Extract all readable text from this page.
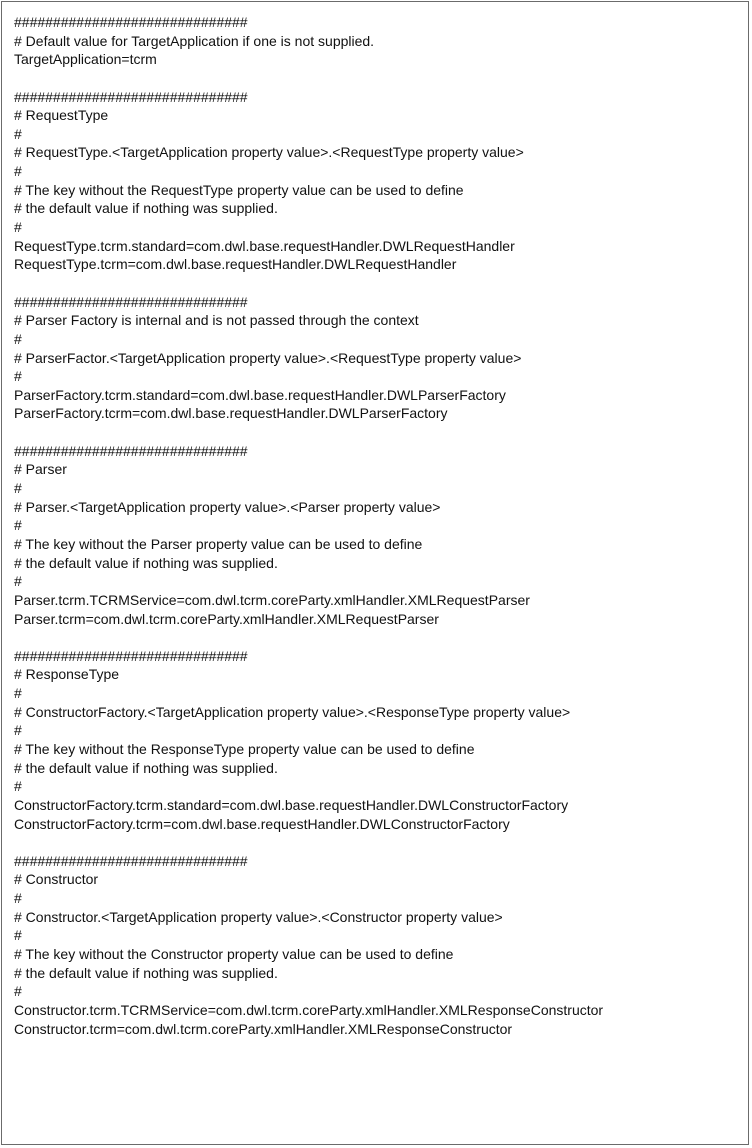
##############################
# Default value for TargetApplication if one is not supplied.
TargetApplication=tcrm
##############################
# RequestType
#
# RequestType.<TargetApplication property value>.<RequestType property value>
#
# The key without the RequestType property value can be used to define
# the default value if nothing was supplied.
#
RequestType.tcrm.standard=com.dwl.base.requestHandler.DWLRequestHandler
RequestType.tcrm=com.dwl.base.requestHandler.DWLRequestHandler
##############################
# Parser Factory is internal and is not passed through the context
#
# ParserFactor.<TargetApplication property value>.<RequestType property value>
#
ParserFactory.tcrm.standard=com.dwl.base.requestHandler.DWLParserFactory
ParserFactory.tcrm=com.dwl.base.requestHandler.DWLParserFactory
##############################
# Parser
#
# Parser.<TargetApplication property value>.<Parser property value>
#
# The key without the Parser property value can be used to define
# the default value if nothing was supplied.
#
Parser.tcrm.TCRMService=com.dwl.tcrm.coreParty.xmlHandler.XMLRequestParser
Parser.tcrm=com.dwl.tcrm.coreParty.xmlHandler.XMLRequestParser
##############################
# ResponseType
#
# ConstructorFactory.<TargetApplication property value>.<ResponseType property value>
#
# The key without the ResponseType property value can be used to define
# the default value if nothing was supplied.
#
ConstructorFactory.tcrm.standard=com.dwl.base.requestHandler.DWLConstructorFactory
ConstructorFactory.tcrm=com.dwl.base.requestHandler.DWLConstructorFactory
##############################
# Constructor
#
# Constructor.<TargetApplication property value>.<Constructor property value>
#
# The key without the Constructor property value can be used to define
# the default value if nothing was supplied.
#
Constructor.tcrm.TCRMService=com.dwl.tcrm.coreParty.xmlHandler.XMLResponseConstructor
Constructor.tcrm=com.dwl.tcrm.coreParty.xmlHandler.XMLResponseConstructor
